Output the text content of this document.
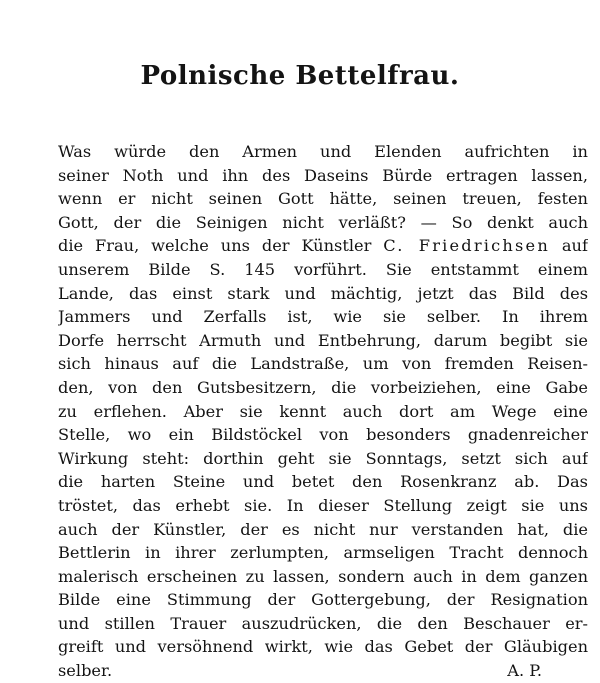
Polnische Bettelfrau.
Was würde den Armen und Elenden aufrichten in
seiner Noth und ihn des Daseins Bürde ertragen lassen,
wenn er nicht seinen Gott hätte, seinen treuen, festen
Gott, der die Seinigen nicht verläßt? — So denkt auch
die Frau, welche uns der Künstler C. Friedrichsen auf
unserem Bilde S. 145 vorführt. Sie entstammt einem
Lande, das einst stark und mächtig, jetzt das Bild des
Jammers und Zerfalls ist, wie sie selber. In ihrem
Dorfe herrscht Armuth und Entbehrung, darum begibt sie
sich hinaus auf die Landstraße, um von fremden Reisen-
den, von den Gutsbesitzern, die vorbeiziehen, eine Gabe
zu erflehen. Aber sie kennt auch dort am Wege eine
Stelle, wo ein Bildstöckel von besonders gnadenreicher
Wirkung steht: dorthin geht sie Sonntags, setzt sich auf
die harten Steine und betet den Rosenkranz ab. Das
tröstet, das erhebt sie. In dieser Stellung zeigt sie uns
auch der Künstler, der es nicht nur verstanden hat, die
Bettlerin in ihrer zerlumpten, armseligen Tracht dennoch
malerisch erscheinen zu lassen, sondern auch in dem ganzen
Bilde eine Stimmung der Gottergebung, der Resignation
und stillen Trauer auszudrücken, die den Beschauer er-
greift und versöhnend wirkt, wie das Gebet der Gläubigen
selber.	A. P.
